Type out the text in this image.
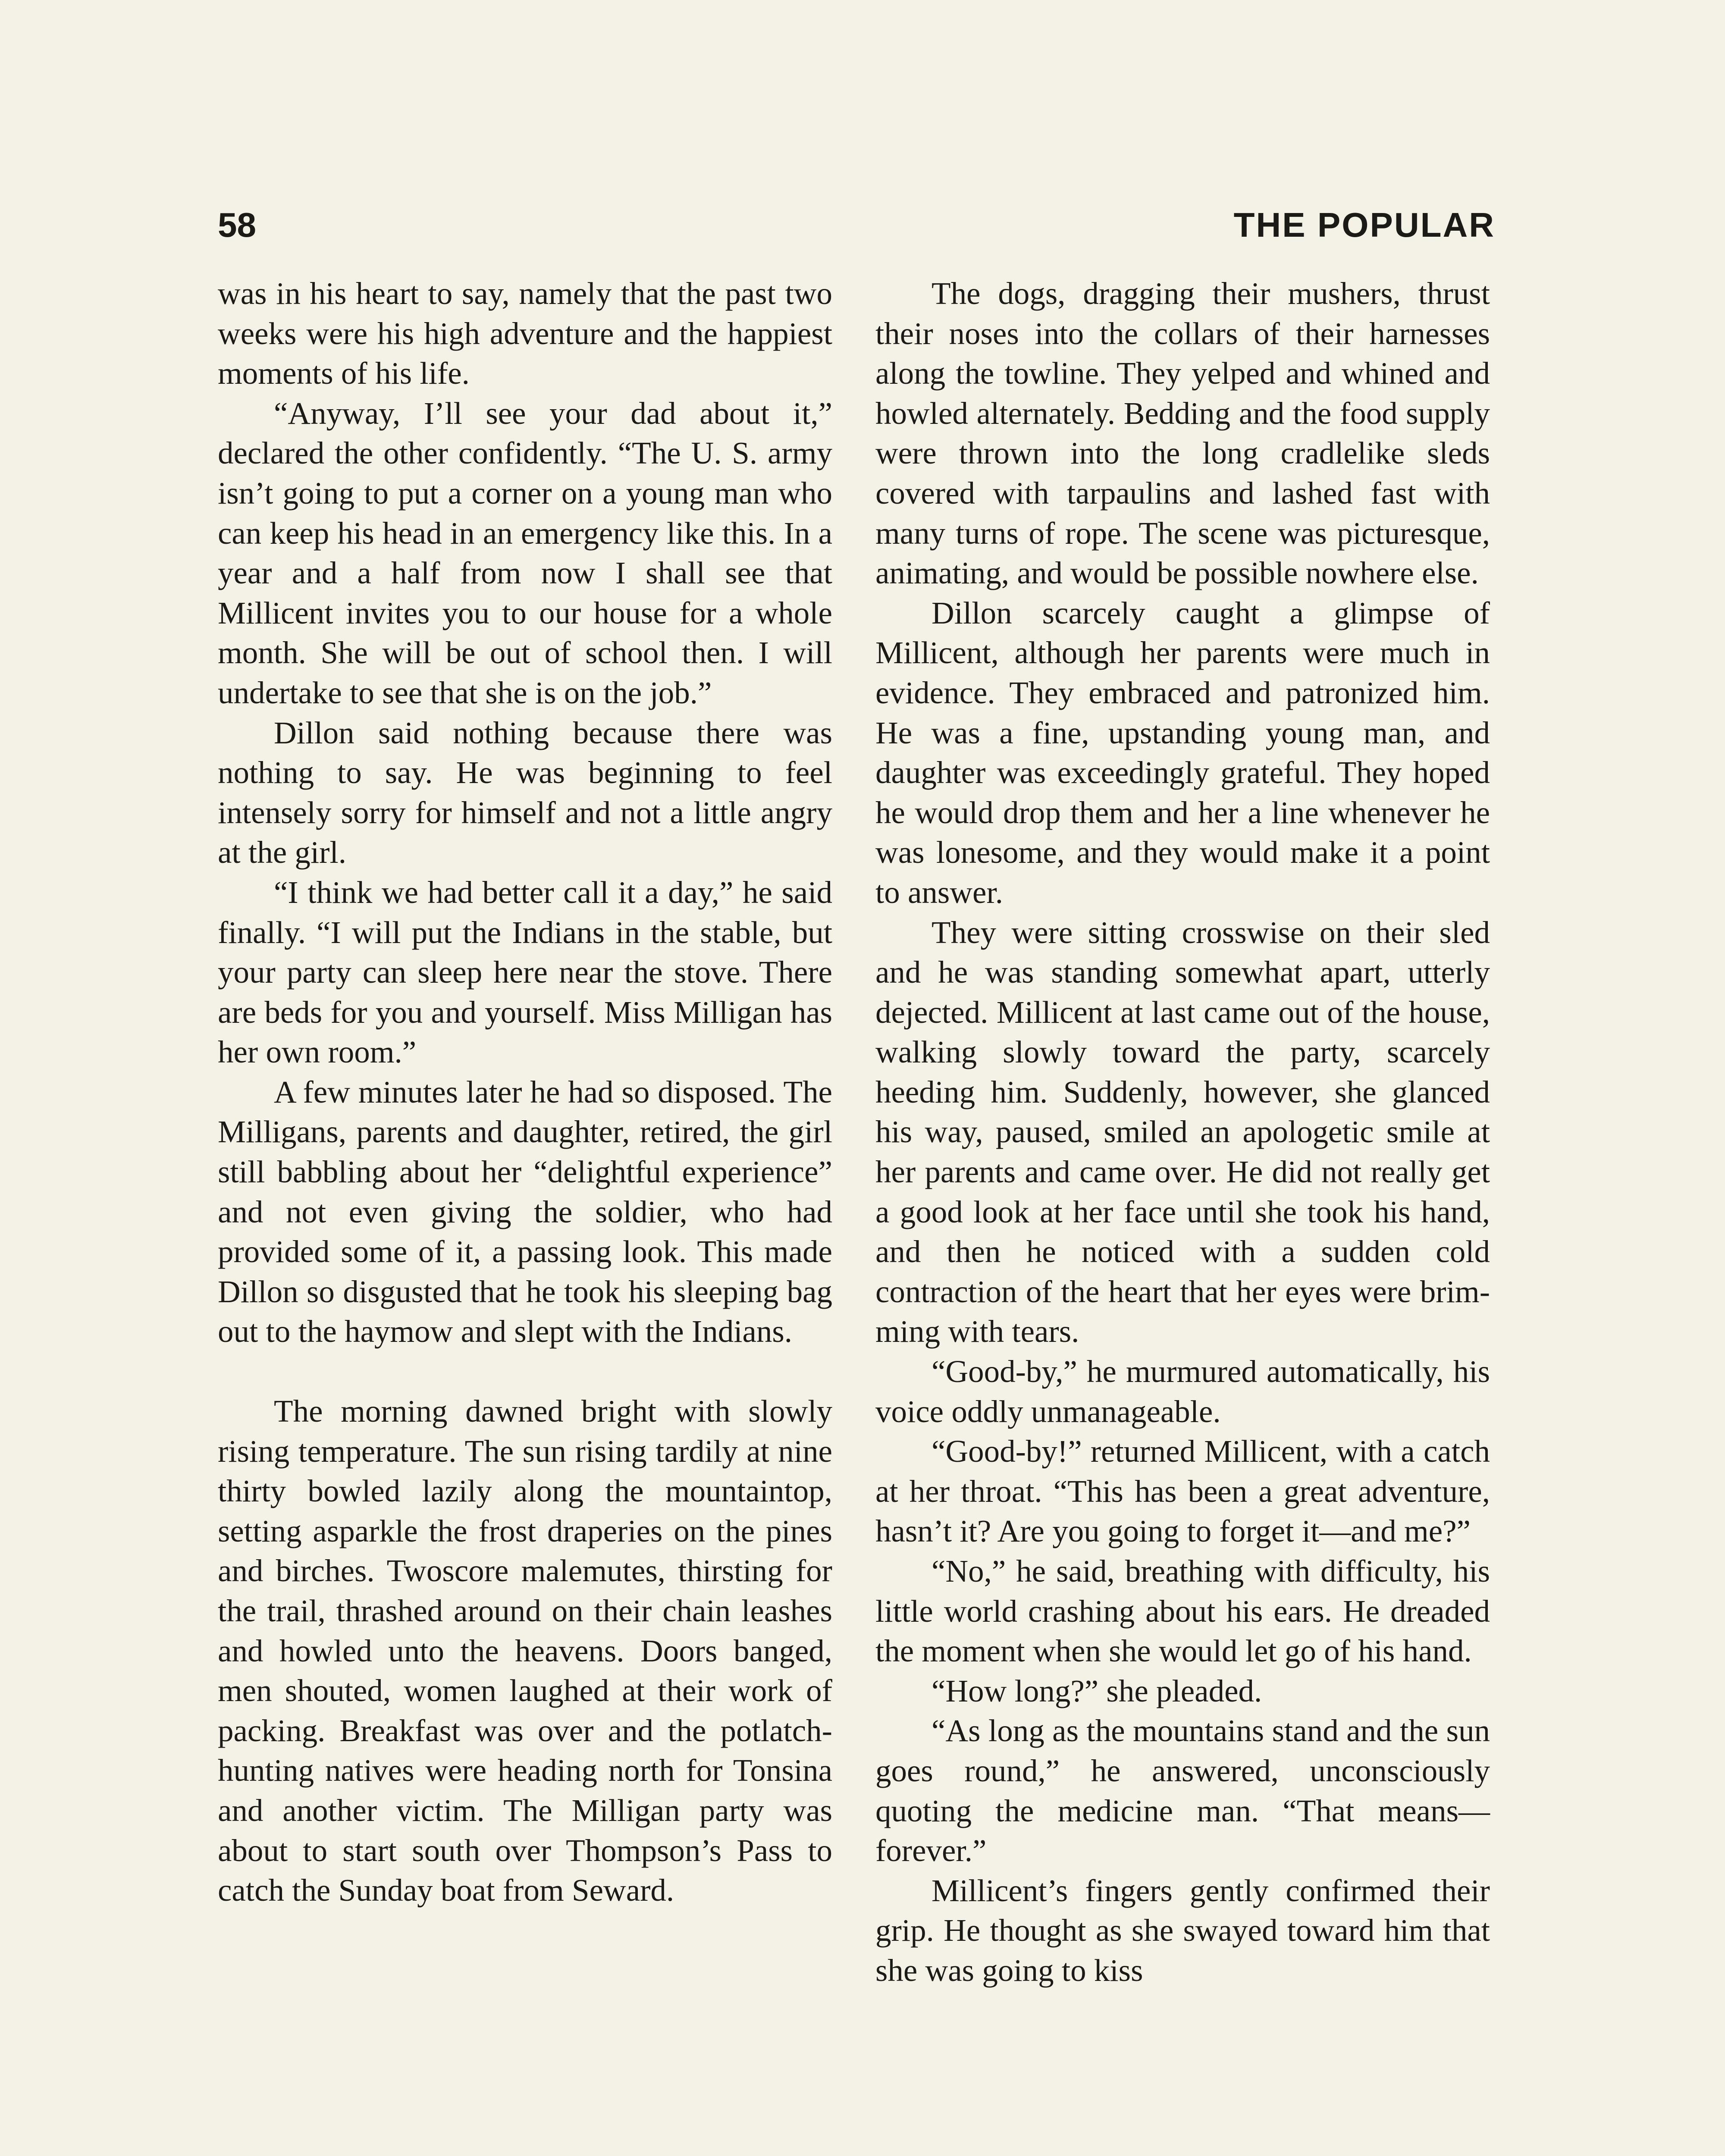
58	THE POPULAR

was in his heart to say, namely that the past two weeks were his high adventure and the happiest moments of his life.

“Anyway, I’ll see your dad about it,” declared the other confidently. “The U. S. army isn’t going to put a corner on a young man who can keep his head in an emergency like this. In a year and a half from now I shall see that Millicent invites you to our house for a whole month. She will be out of school then. I will undertake to see that she is on the job.”

Dillon said nothing because there was nothing to say. He was beginning to feel intensely sorry for himself and not a little angry at the girl.

“I think we had better call it a day,” he said finally. “I will put the Indians in the stable, but your party can sleep here near the stove. There are beds for you and yourself. Miss Milligan has her own room.”

A few minutes later he had so disposed. The Milligans, parents and daughter, retired, the girl still babbling about her “delightful experience” and not even giving the soldier, who had provided some of it, a passing look. This made Dillon so disgusted that he took his sleeping bag out to the haymow and slept with the Indians.

The morning dawned bright with slowly rising temperature. The sun rising tardily at nine thirty bowled lazily along the mountaintop, setting asparkle the frost draperies on the pines and birches. Twoscore malemutes, thirsting for the trail, thrashed around on their chain leashes and howled unto the heavens. Doors banged, men shouted, women laughed at their work of packing. Breakfast was over and the potlatch-hunting natives were heading north for Tonsina and another victim. The Milligan party was about to start south over Thompson’s Pass to catch the Sunday boat from Seward.

The dogs, dragging their mushers, thrust their noses into the collars of their harnesses along the towline. They yelped and whined and howled alternately. Bedding and the food supply were thrown into the long cradlelike sleds covered with tarpaulins and lashed fast with many turns of rope. The scene was picturesque, animating, and would be possible nowhere else.

Dillon scarcely caught a glimpse of Millicent, although her parents were much in evidence. They embraced and patronized him. He was a fine, upstanding young man, and daughter was exceedingly grateful. They hoped he would drop them and her a line whenever he was lonesome, and they would make it a point to answer.

They were sitting crosswise on their sled and he was standing somewhat apart, utterly dejected. Millicent at last came out of the house, walking slowly toward the party, scarcely heeding him. Suddenly, however, she glanced his way, paused, smiled an apologetic smile at her parents and came over. He did not really get a good look at her face until she took his hand, and then he noticed with a sudden cold contraction of the heart that her eyes were brimming with tears.

“Good-by,” he murmured automatically, his voice oddly unmanageable.

“Good-by!” returned Millicent, with a catch at her throat. “This has been a great adventure, hasn’t it? Are you going to forget it—and me?”

“No,” he said, breathing with difficulty, his little world crashing about his ears. He dreaded the moment when she would let go of his hand.

“How long?” she pleaded.

“As long as the mountains stand and the sun goes round,” he answered, unconsciously quoting the medicine man. “That means—forever.”

Millicent’s fingers gently confirmed their grip. He thought as she swayed toward him that she was going to kiss
